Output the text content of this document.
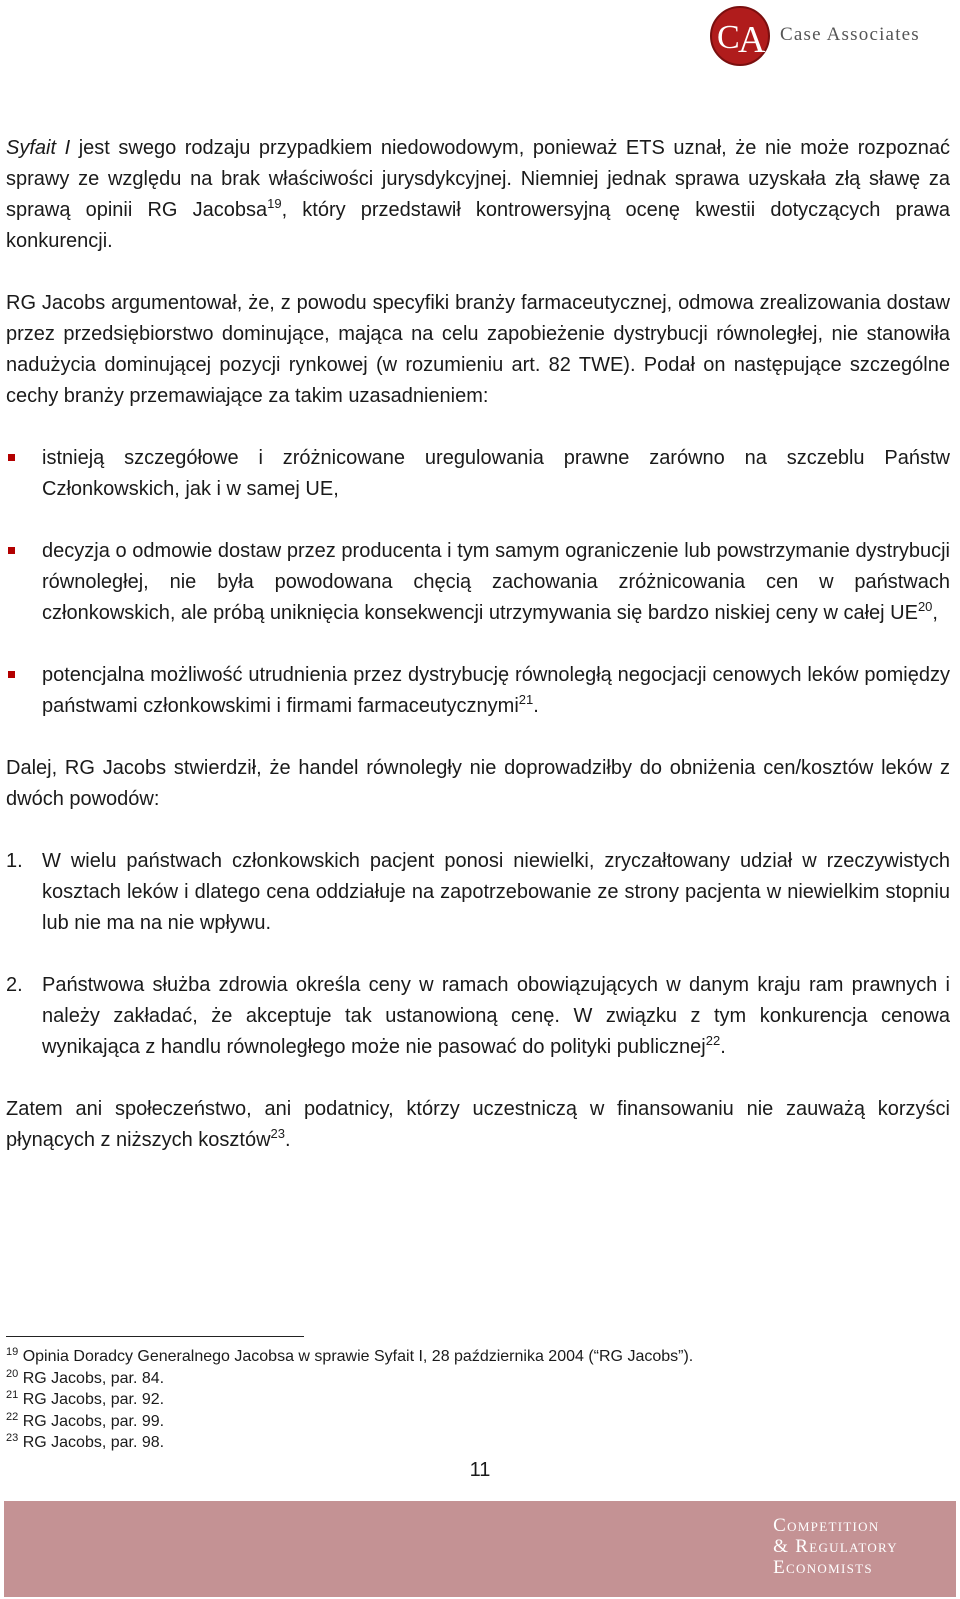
C
A Case Associates

Syfait I jest swego rodzaju przypadkiem niedowodowym, ponieważ ETS uznał, że nie może rozpoznać sprawy ze względu na brak właściwości jurysdykcyjnej. Niemniej jednak sprawa uzyskała złą sławę za sprawą opinii RG Jacobsa$^{19}$, który przedstawił kontrowersyjną ocenę kwestii dotyczących prawa konkurencji.

RG Jacobs argumentował, że, z powodu specyfiki branży farmaceutycznej, odmowa zrealizowania dostaw przez przedsiębiorstwo dominujące, mająca na celu zapobieżenie dystrybucji równoległej, nie stanowiła nadużycia dominującej pozycji rynkowej (w rozumieniu art. 82 TWE). Podał on następujące szczególne cechy branży przemawiające za takim uzasadnieniem:

istnieją szczegółowe i zróżnicowane uregulowania prawne zarówno na szczeblu Państw Członkowskich, jak i w samej UE,
decyzja o odmowie dostaw przez producenta i tym samym ograniczenie lub powstrzymanie dystrybucji równoległej, nie była powodowana chęcią zachowania zróżnicowania cen w państwach członkowskich, ale próbą uniknięcia konsekwencji utrzymywania się bardzo niskiej ceny w całej UE$^{20}$,
potencjalna możliwość utrudnienia przez dystrybucję równoległą negocjacji cenowych leków pomiędzy państwami członkowskimi i firmami farmaceutycznymi$^{21}$.

Dalej, RG Jacobs stwierdził, że handel równoległy nie doprowadziłby do obniżenia cen/kosztów leków z dwóch powodów:

1. W wielu państwach członkowskich pacjent ponosi niewielki, zryczałtowany udział w rzeczywistych kosztach leków i dlatego cena oddziałuje na zapotrzebowanie ze strony pacjenta w niewielkim stopniu lub nie ma na nie wpływu.
2. Państwowa służba zdrowia określa ceny w ramach obowiązujących w danym kraju ram prawnych i należy zakładać, że akceptuje tak ustanowioną cenę. W związku z tym konkurencja cenowa wynikająca z handlu równoległego może nie pasować do polityki publicznej$^{22}$.

Zatem ani społeczeństwo, ani podatnicy, którzy uczestniczą w finansowaniu nie zauważą korzyści płynących z niższych kosztów$^{23}$.

$^{19}$ Opinia Doradcy Generalnego Jacobsa w sprawie Syfait I, 28 października 2004 (“RG Jacobs”).
$^{20}$ RG Jacobs, par. 84.
$^{21}$ RG Jacobs, par. 92.
$^{22}$ RG Jacobs, par. 99.
$^{23}$ RG Jacobs, par. 98.
11
Competition
& Regulatory
Economists
